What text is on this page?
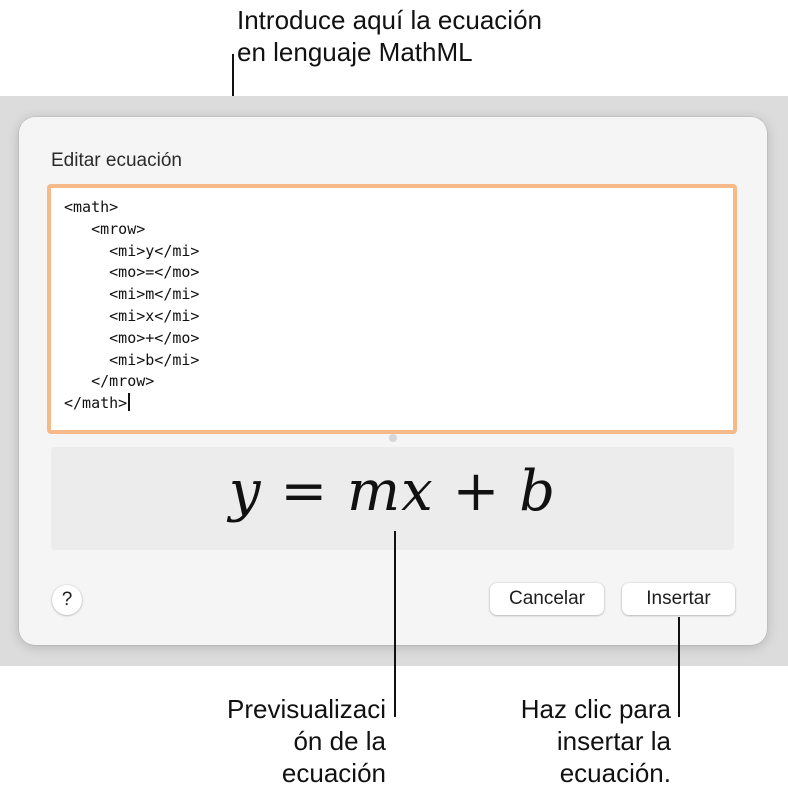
Introduce aquí la ecuación
en lenguaje MathML
Editar ecuación
<math>
<mrow>
<mi>y</mi>
<mo>=</mo>
<mi>m</mi>
<mi>x</mi>
<mo>+</mo>
<mi>b</mi>
</mrow>
</math>
y = mx + b
?	Cancelar	Insertar
Previsualizaci
ón de la
ecuación
Haz clic para
insertar la
ecuación.
